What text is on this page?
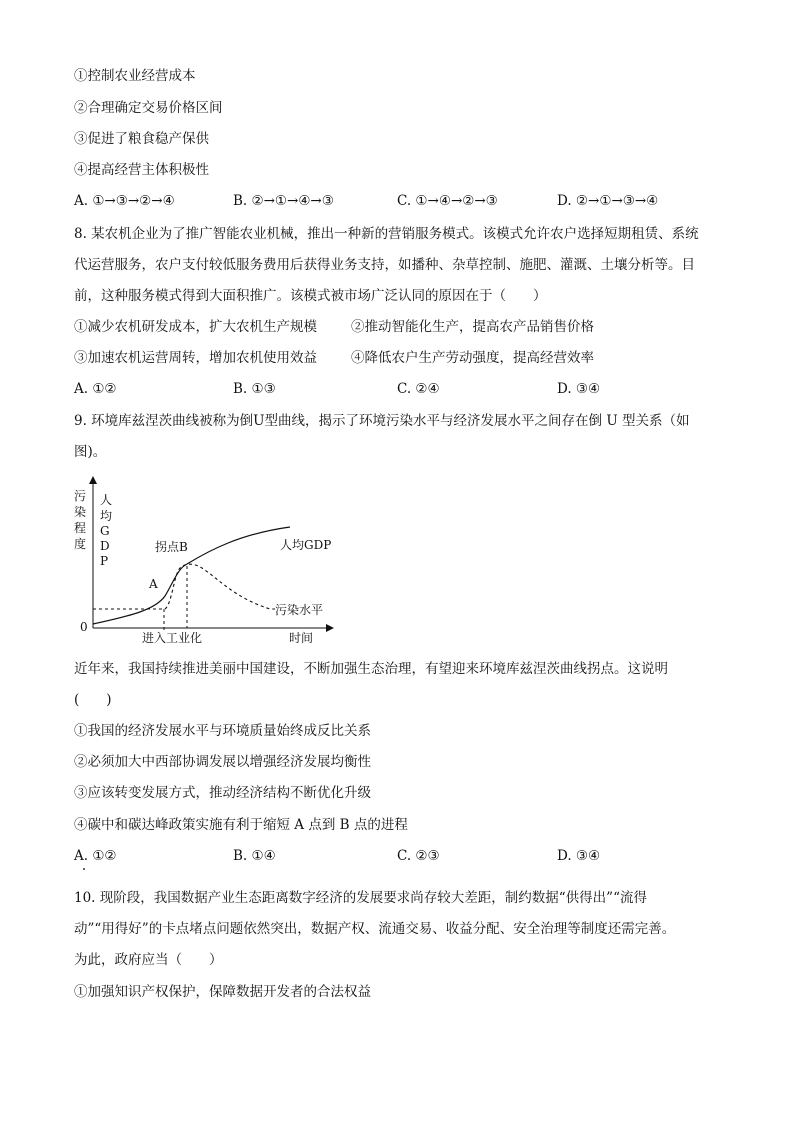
①控制农业经营成本
②合理确定交易价格区间
③促进了粮食稳产保供
④提高经营主体积极性
A. ①→③→②→④	B. ②→①→④→③	C. ①→④→②→③	D. ②→①→③→④
8. 某农机企业为了推广智能农业机械，推出一种新的营销服务模式。该模式允许农户选择短期租赁、系统
代运营服务，农户支付较低服务费用后获得业务支持，如播种、杂草控制、施肥、灌溉、土壤分析等。目
前，这种服务模式得到大面积推广。该模式被市场广泛认同的原因在于（　　）
①减少农机研发成本，扩大农机生产规模	②推动智能化生产，提高农产品销售价格
③加速农机运营周转，增加农机使用效益	④降低农户生产劳动强度，提高经营效率
A. ①②	B. ①③	C. ②④	D. ③④
9. 环境库兹涅茨曲线被称为倒U型曲线，揭示了环境污染水平与经济发展水平之间存在倒 U 型关系（如
图)。
污 染 程 度
人 均 G D P
0
A
拐点B	人均GDP
污染水平
进入工业化	时间
近年来，我国持续推进美丽中国建设，不断加强生态治理，有望迎来环境库兹涅茨曲线拐点。这说明
(　　)
①我国的经济发展水平与环境质量始终成反比关系
②必须加大中西部协调发展以增强经济发展均衡性
③应该转变发展方式，推动经济结构不断优化升级
④碳中和碳达峰政策实施有利于缩短 A 点到 B 点的进程
A. ①②	B. ①④	C. ②③	D. ③④
10. 现阶段，我国数据产业生态距离数字经济的发展要求尚存较大差距，制约数据“供得出”“流得
动”“用得好”的卡点堵点问题依然突出，数据产权、流通交易、收益分配、安全治理等制度还需完善。
为此，政府应当（　　）
①加强知识产权保护，保障数据开发者的合法权益
